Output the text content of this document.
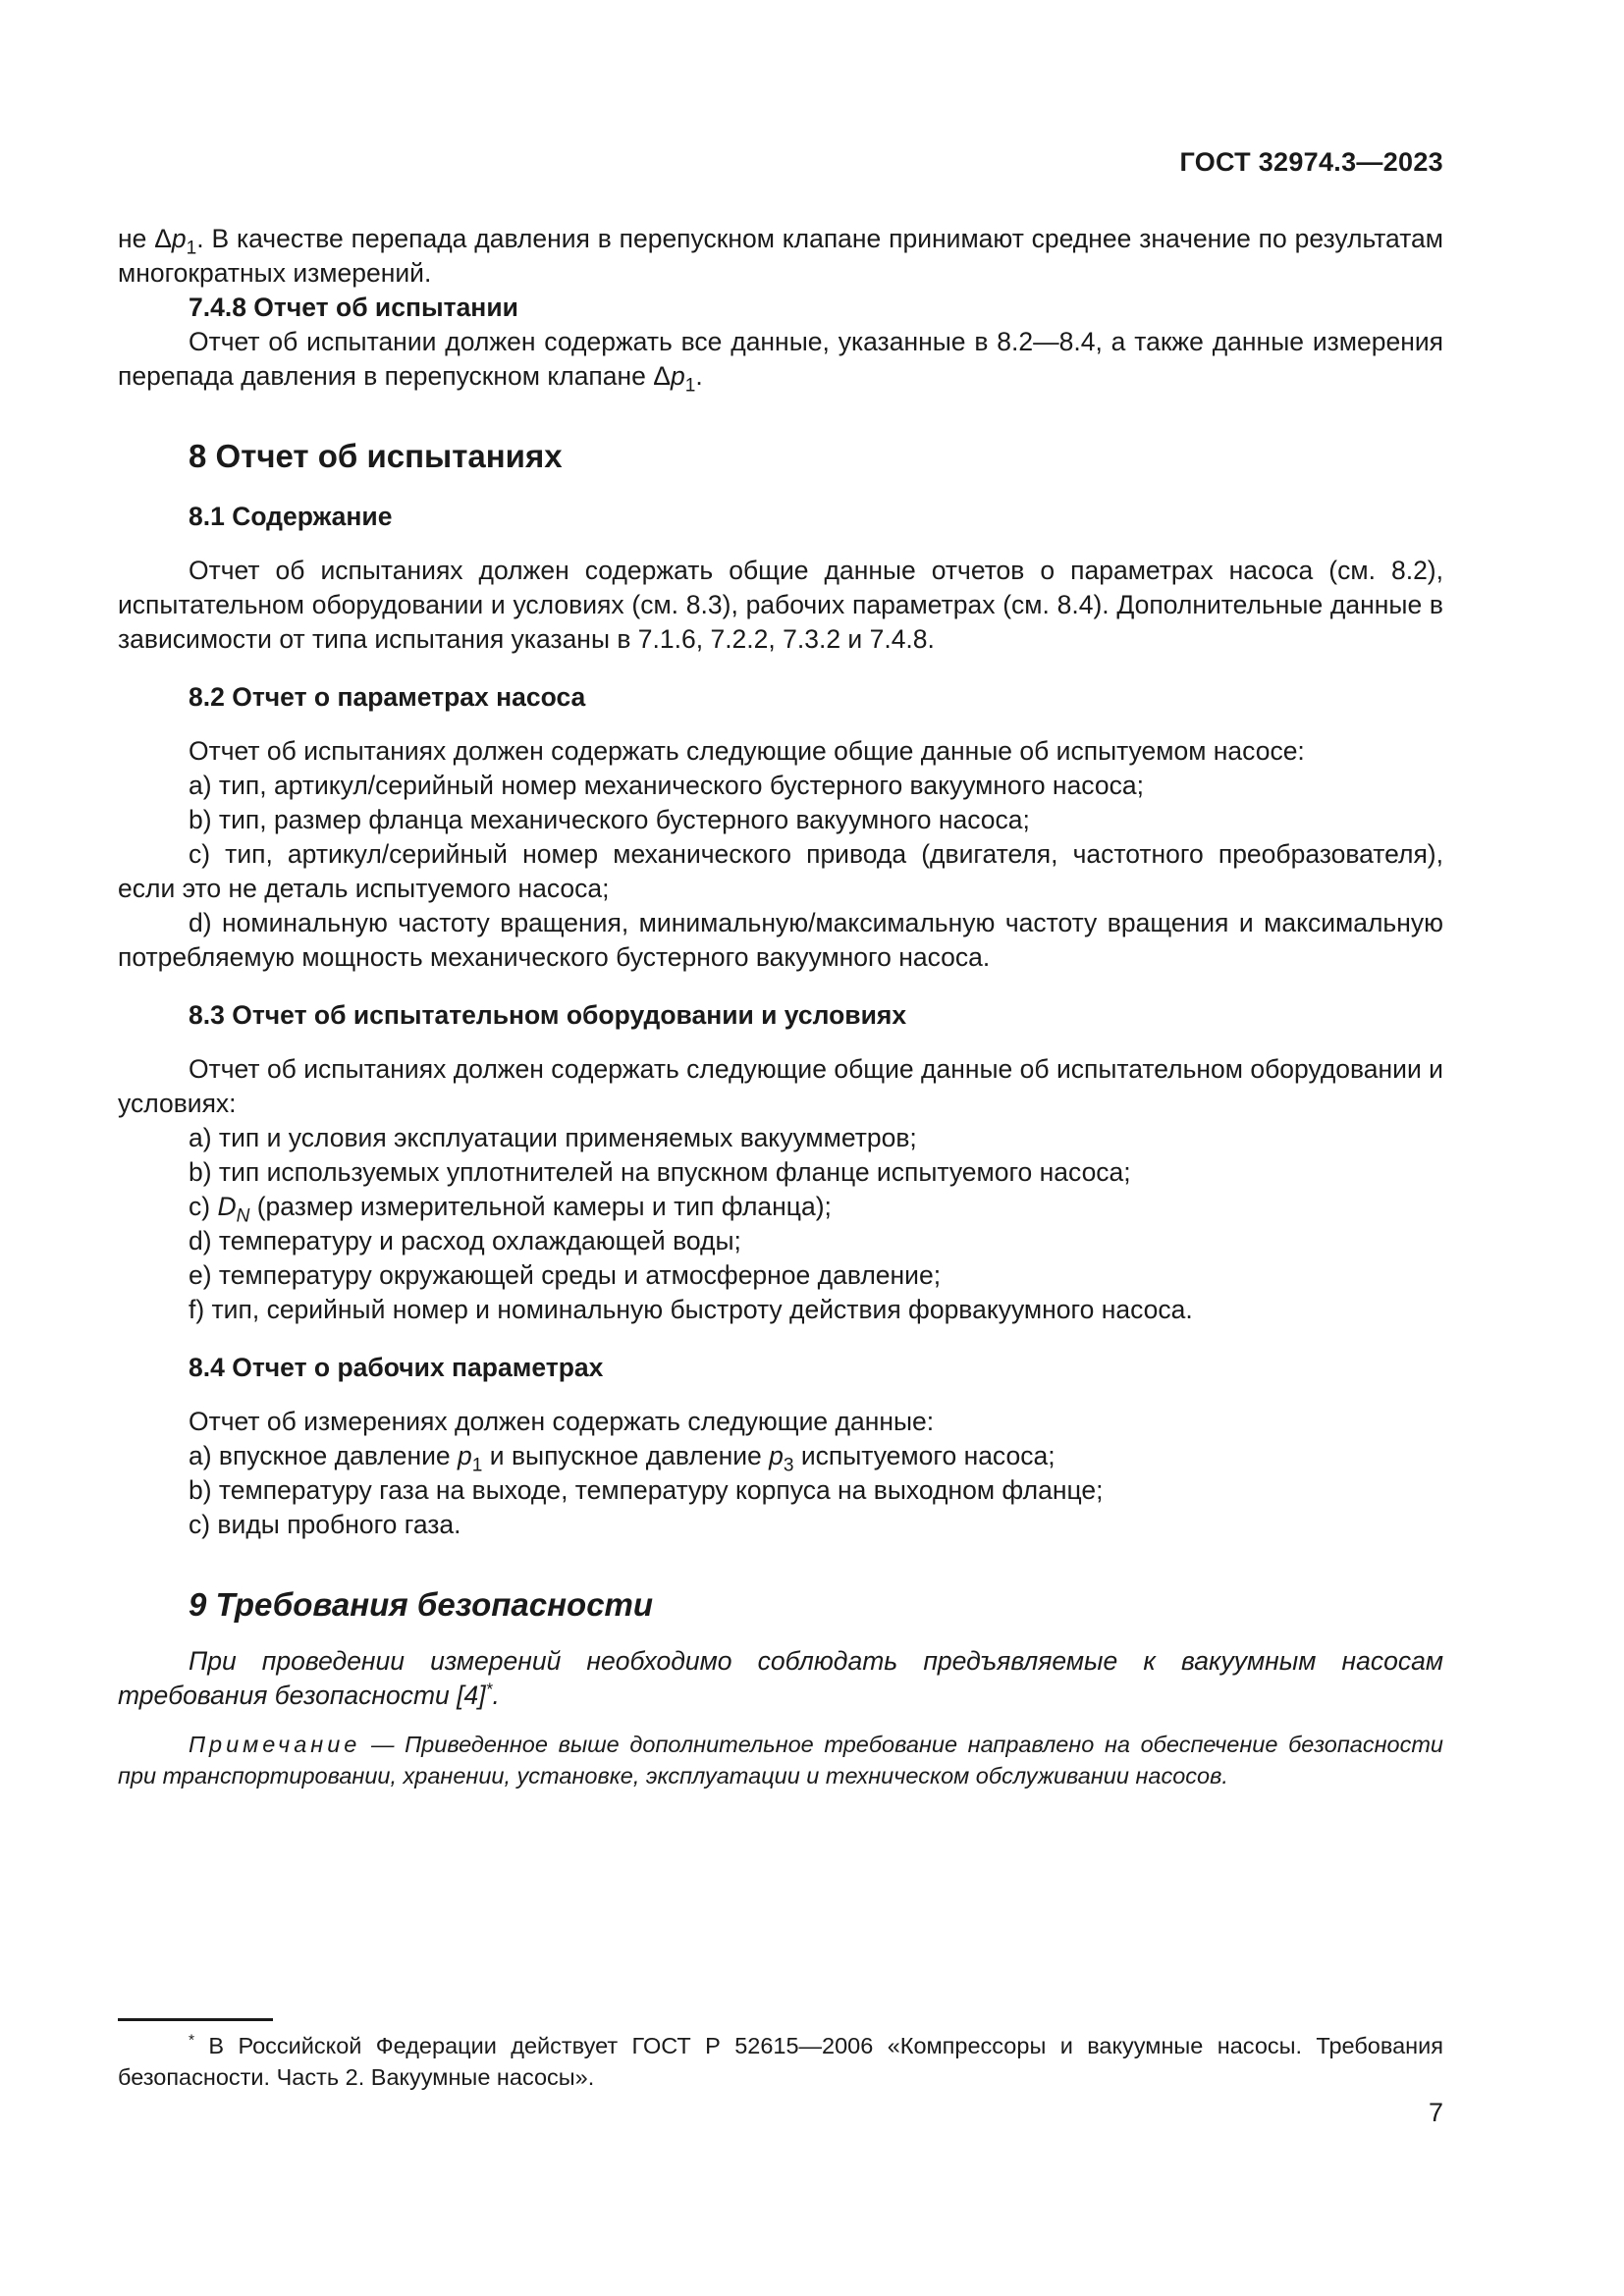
ГОСТ 32974.3—2023

не $\Delta p_1$. В качестве перепада давления в перепускном клапане принимают среднее значение по результатам многократных измерений.

7.4.8 Отчет об испытании

Отчет об испытании должен содержать все данные, указанные в 8.2—8.4, а также данные измерения перепада давления в перепускном клапане $\Delta p_1$.

8 Отчет об испытаниях

8.1 Содержание

Отчет об испытаниях должен содержать общие данные отчетов о параметрах насоса (см. 8.2), испытательном оборудовании и условиях (см. 8.3), рабочих параметрах (см. 8.4). Дополнительные данные в зависимости от типа испытания указаны в 7.1.6, 7.2.2, 7.3.2 и 7.4.8.

8.2 Отчет о параметрах насоса

Отчет об испытаниях должен содержать следующие общие данные об испытуемом насосе:

a) тип, артикул/серийный номер механического бустерного вакуумного насоса;

b) тип, размер фланца механического бустерного вакуумного насоса;

c) тип, артикул/серийный номер механического привода (двигателя, частотного преобразователя), если это не деталь испытуемого насоса;

d) номинальную частоту вращения, минимальную/максимальную частоту вращения и максимальную потребляемую мощность механического бустерного вакуумного насоса.

8.3 Отчет об испытательном оборудовании и условиях

Отчет об испытаниях должен содержать следующие общие данные об испытательном оборудовании и условиях:

a) тип и условия эксплуатации применяемых вакуумметров;

b) тип используемых уплотнителей на впускном фланце испытуемого насоса;

c) $D_N$ (размер измерительной камеры и тип фланца);

d) температуру и расход охлаждающей воды;

e) температуру окружающей среды и атмосферное давление;

f) тип, серийный номер и номинальную быстроту действия форвакуумного насоса.

8.4 Отчет о рабочих параметрах

Отчет об измерениях должен содержать следующие данные:

a) впускное давление $p_1$ и выпускное давление $p_3$ испытуемого насоса;

b) температуру газа на выходе, температуру корпуса на выходном фланце;

c) виды пробного газа.

9 Требования безопасности

При проведении измерений необходимо соблюдать предъявляемые к вакуумным насосам требования безопасности [4]*.

Примечание — Приведенное выше дополнительное требование направлено на обеспечение безопасности при транспортировании, хранении, установке, эксплуатации и техническом обслуживании насосов.

* В Российской Федерации действует ГОСТ Р 52615—2006 «Компрессоры и вакуумные насосы. Требования безопасности. Часть 2. Вакуумные насосы».

7
